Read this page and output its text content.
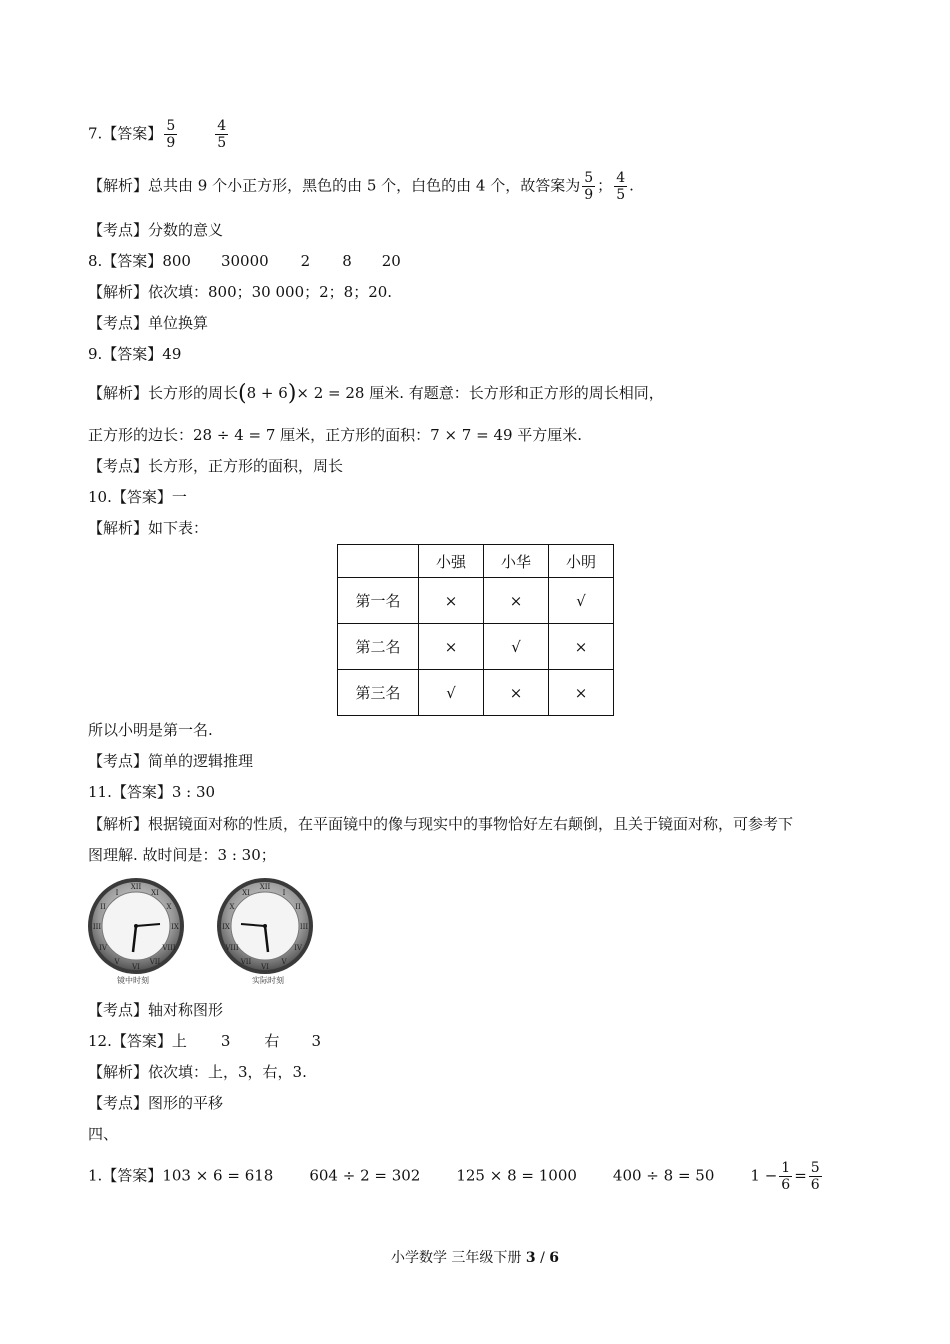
7.【答案】 $\frac{5}{9}$	$\frac{4}{5}$
【解析】总共由 9 个小正方形，黑色的由 5 个，白色的由 4 个，故答案为 $\frac{5}{9}$ ； $\frac{4}{5}$ .
【考点】分数的意义
8.【答案】800 30000 2 8 20
【解析】依次填：800；30 000；2；8；20.
【考点】单位换算
9.【答案】49
【解析】长方形的周长(8 + 6)× 2 = 28 厘米. 有题意：长方形和正方形的周长相同，
正方形的边长：28 ÷ 4 = 7 厘米，正方形的面积：7 × 7 = 49 平方厘米.
【考点】长方形，正方形的面积，周长
10.【答案】一
【解析】如下表：
	小强	小华	小明
第一名	×	×	√
第二名	×	√	×
第三名	√	×	×
所以小明是第一名.
【考点】简单的逻辑推理
11.【答案】3 : 30
【解析】根据镜面对称的性质，在平面镜中的像与现实中的事物恰好左右颠倒，且关于镜面对称，可参考下
图理解. 故时间是：3 : 30；
XII
VI
III	IX
I	XI
II	X
IV	VIII
V	VII
镜中时刻
XII
VI
III
IX
I
XI
II
X
IV
VIII
V
VII
实际时刻
【考点】轴对称图形
12.【答案】上 3 右 3
【解析】依次填：上，3，右，3.
【考点】图形的平移
四、
1.【答案】103 × 6 = 618 604 ÷ 2 = 302 125 × 8 = 1000 400 ÷ 8 = 50 $1 - \frac{1}{6} = \frac{5}{6}$
小学数学 三年级下册 3 / 6
